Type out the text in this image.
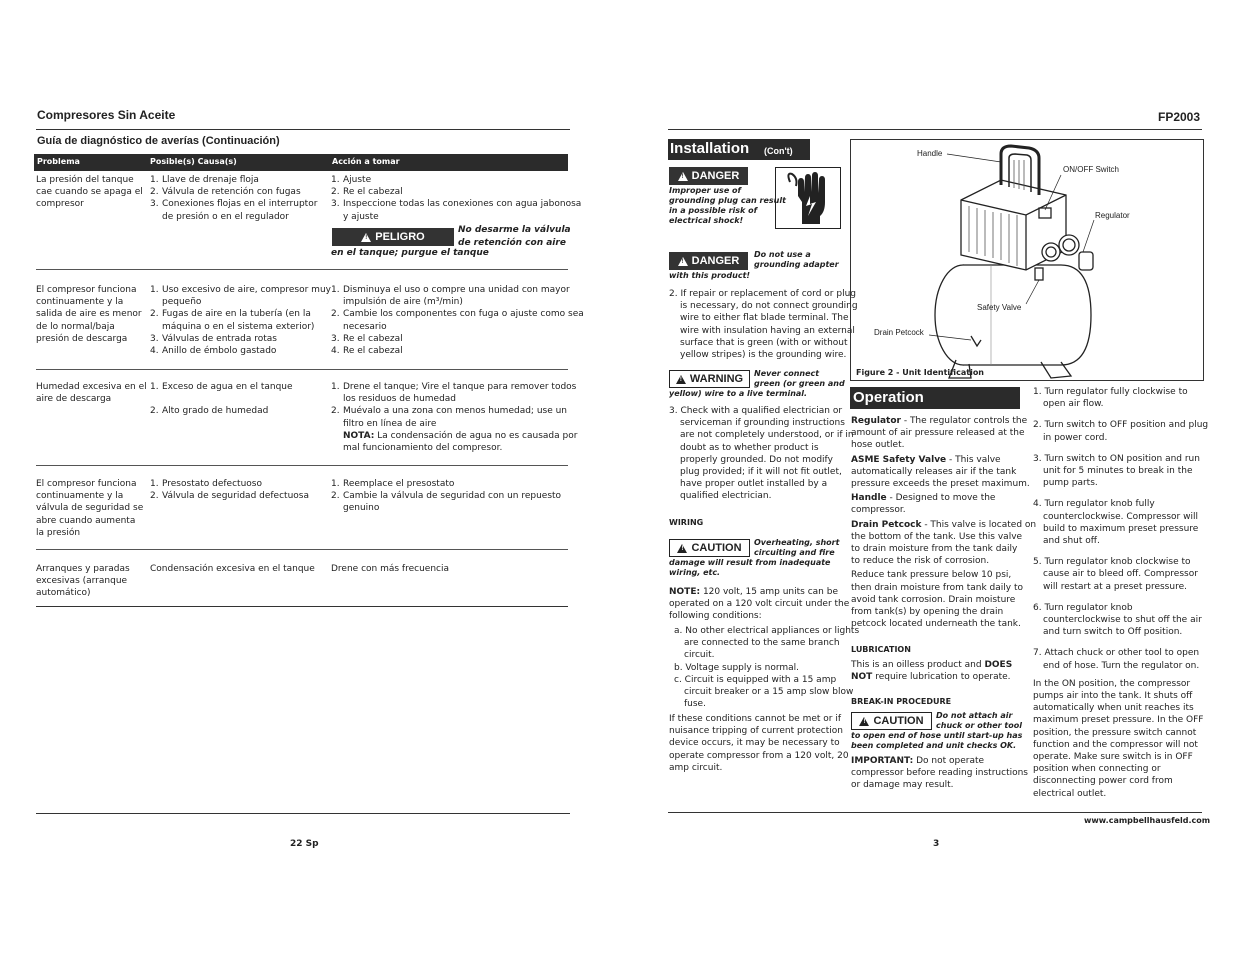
Compresores Sin Aceite
Guía de diagnóstico de averías (Continuación)
Problema	Posible(s) Causa(s)	Acción a tomar
La presión del tanque
cae cuando se apaga el
compresor
1. Llave de drenaje floja
2. Válvula de retención con fugas
3. Conexiones flojas en el interruptor
de presión o en el regulador
1. Ajuste
2. Re el cabezal
3. Inspeccione todas las conexiones con agua jabonosa
y ajuste
! PELIGRO
No desarme la válvula
de retención con aire
en el tanque; purgue el tanque
El compresor funciona
continuamente y la
salida de aire es menor
de lo normal/baja
presión de descarga
1. Uso excesivo de aire, compresor muy
pequeño
2. Fugas de aire en la tubería (en la
máquina o en el sistema exterior)
3. Válvulas de entrada rotas
4. Anillo de émbolo gastado
1. Disminuya el uso o compre una unidad con mayor
impulsión de aire (m³/min)
2. Cambie los componentes con fuga o ajuste como sea
necesario
3. Re el cabezal
4. Re el cabezal
Humedad excesiva en el
aire de descarga
1. Exceso de agua en el tanque

2. Alto grado de humedad
1. Drene el tanque; Vire el tanque para remover todos
los residuos de humedad
2. Muévalo a una zona con menos humedad; use un
filtro en línea de aire
NOTA: La condensación de agua no es causada por
mal funcionamiento del compresor.
El compresor funciona
continuamente y la
válvula de seguridad se
abre cuando aumenta
la presión
1. Presostato defectuoso
2. Válvula de seguridad defectuosa
1. Reemplace el presostato
2. Cambie la válvula de seguridad con un repuesto
genuino
Arranques y paradas
excesivas (arranque
automático)
Condensación excesiva en el tanque Drene con más frecuencia
22 Sp
FP2003
Installation (Con't)
! DANGER
Improper use of
grounding plug can result
in a possible risk of
electrical shock!
! DANGER
Do not use a
grounding adapter
with this product!
2. If repair or replacement of cord or plug
is necessary, do not connect grounding
wire to either flat blade terminal. The
wire with insulation having an external
surface that is green (with or without
yellow stripes) is the grounding wire.
! WARNING Never connect
green (or green and
yellow) wire to a live terminal.
3. Check with a qualified electrician or
serviceman if grounding instructions
are not completely understood, or if in
doubt as to whether product is
properly grounded. Do not modify
plug provided; if it will not fit outlet,
have proper outlet installed by a
qualified electrician.
WIRING
! CAUTION Overheating, short
circuiting and fire
damage will result from inadequate
wiring, etc.
NOTE: 120 volt, 15 amp units can be
operated on a 120 volt circuit under the
following conditions:
a. No other electrical appliances or lights
are connected to the same branch
circuit.
b. Voltage supply is normal.
c. Circuit is equipped with a 15 amp
circuit breaker or a 15 amp slow blow
fuse.
If these conditions cannot be met or if
nuisance tripping of current protection
device occurs, it may be necessary to
operate compressor from a 120 volt, 20
amp circuit.
Handle
ON/OFF Switch
Regulator
Safety Valve
Drain Petcock
Figure 2 - Unit Identification
Operation
Regulator - The regulator controls the
amount of air pressure released at the
hose outlet.
ASME Safety Valve - This valve
automatically releases air if the tank
pressure exceeds the preset maximum.
Handle - Designed to move the
compressor.
Drain Petcock - This valve is located on
the bottom of the tank. Use this valve
to drain moisture from the tank daily
to reduce the risk of corrosion.
Reduce tank pressure below 10 psi,
then drain moisture from tank daily to
avoid tank corrosion. Drain moisture
from tank(s) by opening the drain
petcock located underneath the tank.
LUBRICATION
This is an oilless product and DOES
NOT require lubrication to operate.
BREAK-IN PROCEDURE
! CAUTION Do not attach air
chuck or other tool
to open end of hose until start-up has
been completed and unit checks OK.
IMPORTANT: Do not operate
compressor before reading instructions
or damage may result.
1. Turn regulator fully clockwise to
open air flow.
2. Turn switch to OFF position and plug
in power cord.
3. Turn switch to ON position and run
unit for 5 minutes to break in the
pump parts.
4. Turn regulator knob fully
counterclockwise. Compressor will
build to maximum preset pressure
and shut off.
5. Turn regulator knob clockwise to
cause air to bleed off. Compressor
will restart at a preset pressure.
6. Turn regulator knob
counterclockwise to shut off the air
and turn switch to Off position.
7. Attach chuck or other tool to open
end of hose. Turn the regulator on.
In the ON position, the compressor
pumps air into the tank. It shuts off
automatically when unit reaches its
maximum preset pressure. In the OFF
position, the pressure switch cannot
function and the compressor will not
operate. Make sure switch is in OFF
position when connecting or
disconnecting power cord from
electrical outlet.
www.campbellhausfeld.com
3
